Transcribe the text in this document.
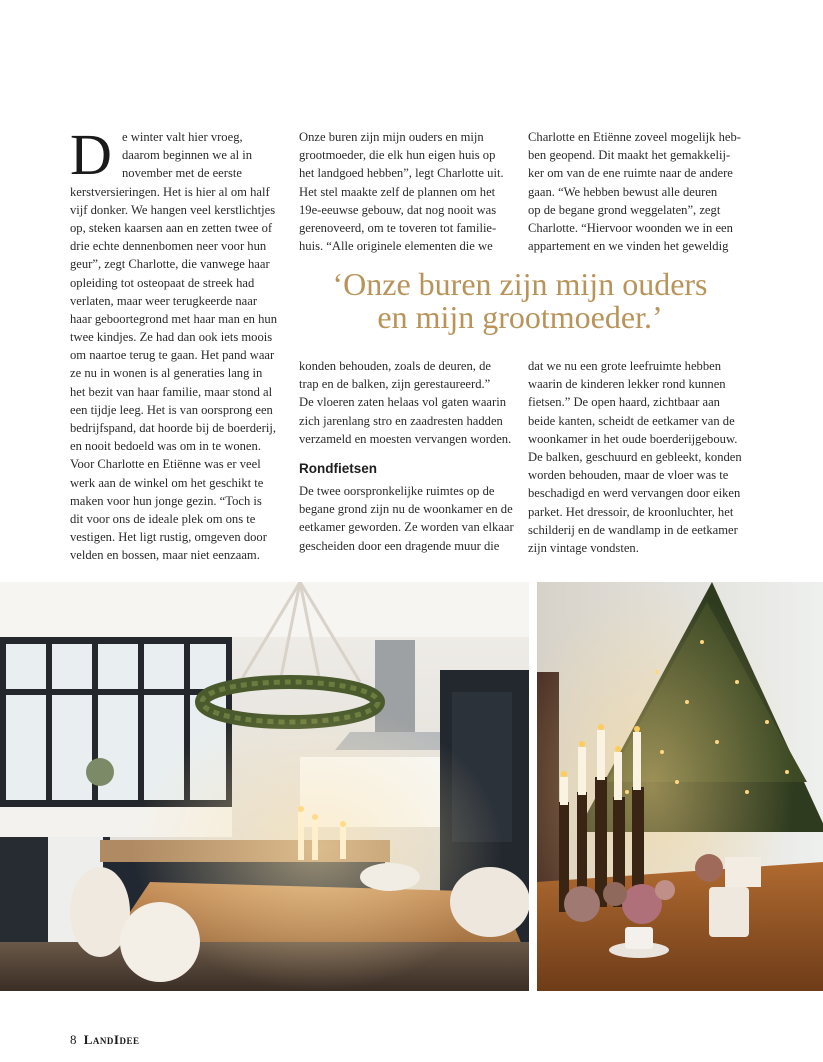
D e winter valt hier vroeg,
daarom beginnen we al in
november met de eerste
kerstversieringen. Het is hier al om half
vijf donker. We hangen veel kerstlichtjes
op, steken kaarsen aan en zetten twee of
drie echte dennenbomen neer voor hun
geur”, zegt Charlotte, die vanwege haar
opleiding tot osteopaat de streek had
verlaten, maar weer terugkeerde naar
haar geboortegrond met haar man en hun
twee kindjes. Ze had dan ook iets moois
om naartoe terug te gaan. Het pand waar
ze nu in wonen is al generaties lang in
het bezit van haar familie, maar stond al
een tijdje leeg. Het is van oorsprong een
bedrijfspand, dat hoorde bij de boerderij,
en nooit bedoeld was om in te wonen.
Voor Charlotte en Etiënne was er veel
werk aan de winkel om het geschikt te
maken voor hun jonge gezin. “Toch is
dit voor ons de ideale plek om ons te
vestigen. Het ligt rustig, omgeven door
velden en bossen, maar niet eenzaam.
Onze buren zijn mijn ouders en mijn
grootmoeder, die elk hun eigen huis op
het landgoed hebben”, legt Charlotte uit.
Het stel maakte zelf de plannen om het
19e-eeuwse gebouw, dat nog nooit was
gerenoveerd, om te toveren tot familie-
huis. “Alle originele elementen die we
Charlotte en Etiënne zoveel mogelijk heb-
ben geopend. Dit maakt het gemakkelij-
ker om van de ene ruimte naar de andere
gaan. “We hebben bewust alle deuren
op de begane grond weggelaten”, zegt
Charlotte. “Hiervoor woonden we in een
appartement en we vinden het geweldig
‘Onze buren zijn mijn ouders
en mijn grootmoeder.’
konden behouden, zoals de deuren, de
trap en de balken, zijn gerestaureerd.”
De vloeren zaten helaas vol gaten waarin
zich jarenlang stro en zaadresten hadden
verzameld en moesten vervangen worden.
Rondfietsen
De twee oorspronkelijke ruimtes op de
begane grond zijn nu de woonkamer en de
eetkamer geworden. Ze worden van elkaar
gescheiden door een dragende muur die
dat we nu een grote leefruimte hebben
waarin de kinderen lekker rond kunnen
fietsen.” De open haard, zichtbaar aan
beide kanten, scheidt de eetkamer van de
woonkamer in het oude boerderijgebouw.
De balken, geschuurd en gebleekt, konden
worden behouden, maar de vloer was te
beschadigd en werd vervangen door eiken
parket. Het dressoir, de kroonluchter, het
schilderij en de wandlamp in de eetkamer
zijn vintage vondsten.
8 LandIdee
